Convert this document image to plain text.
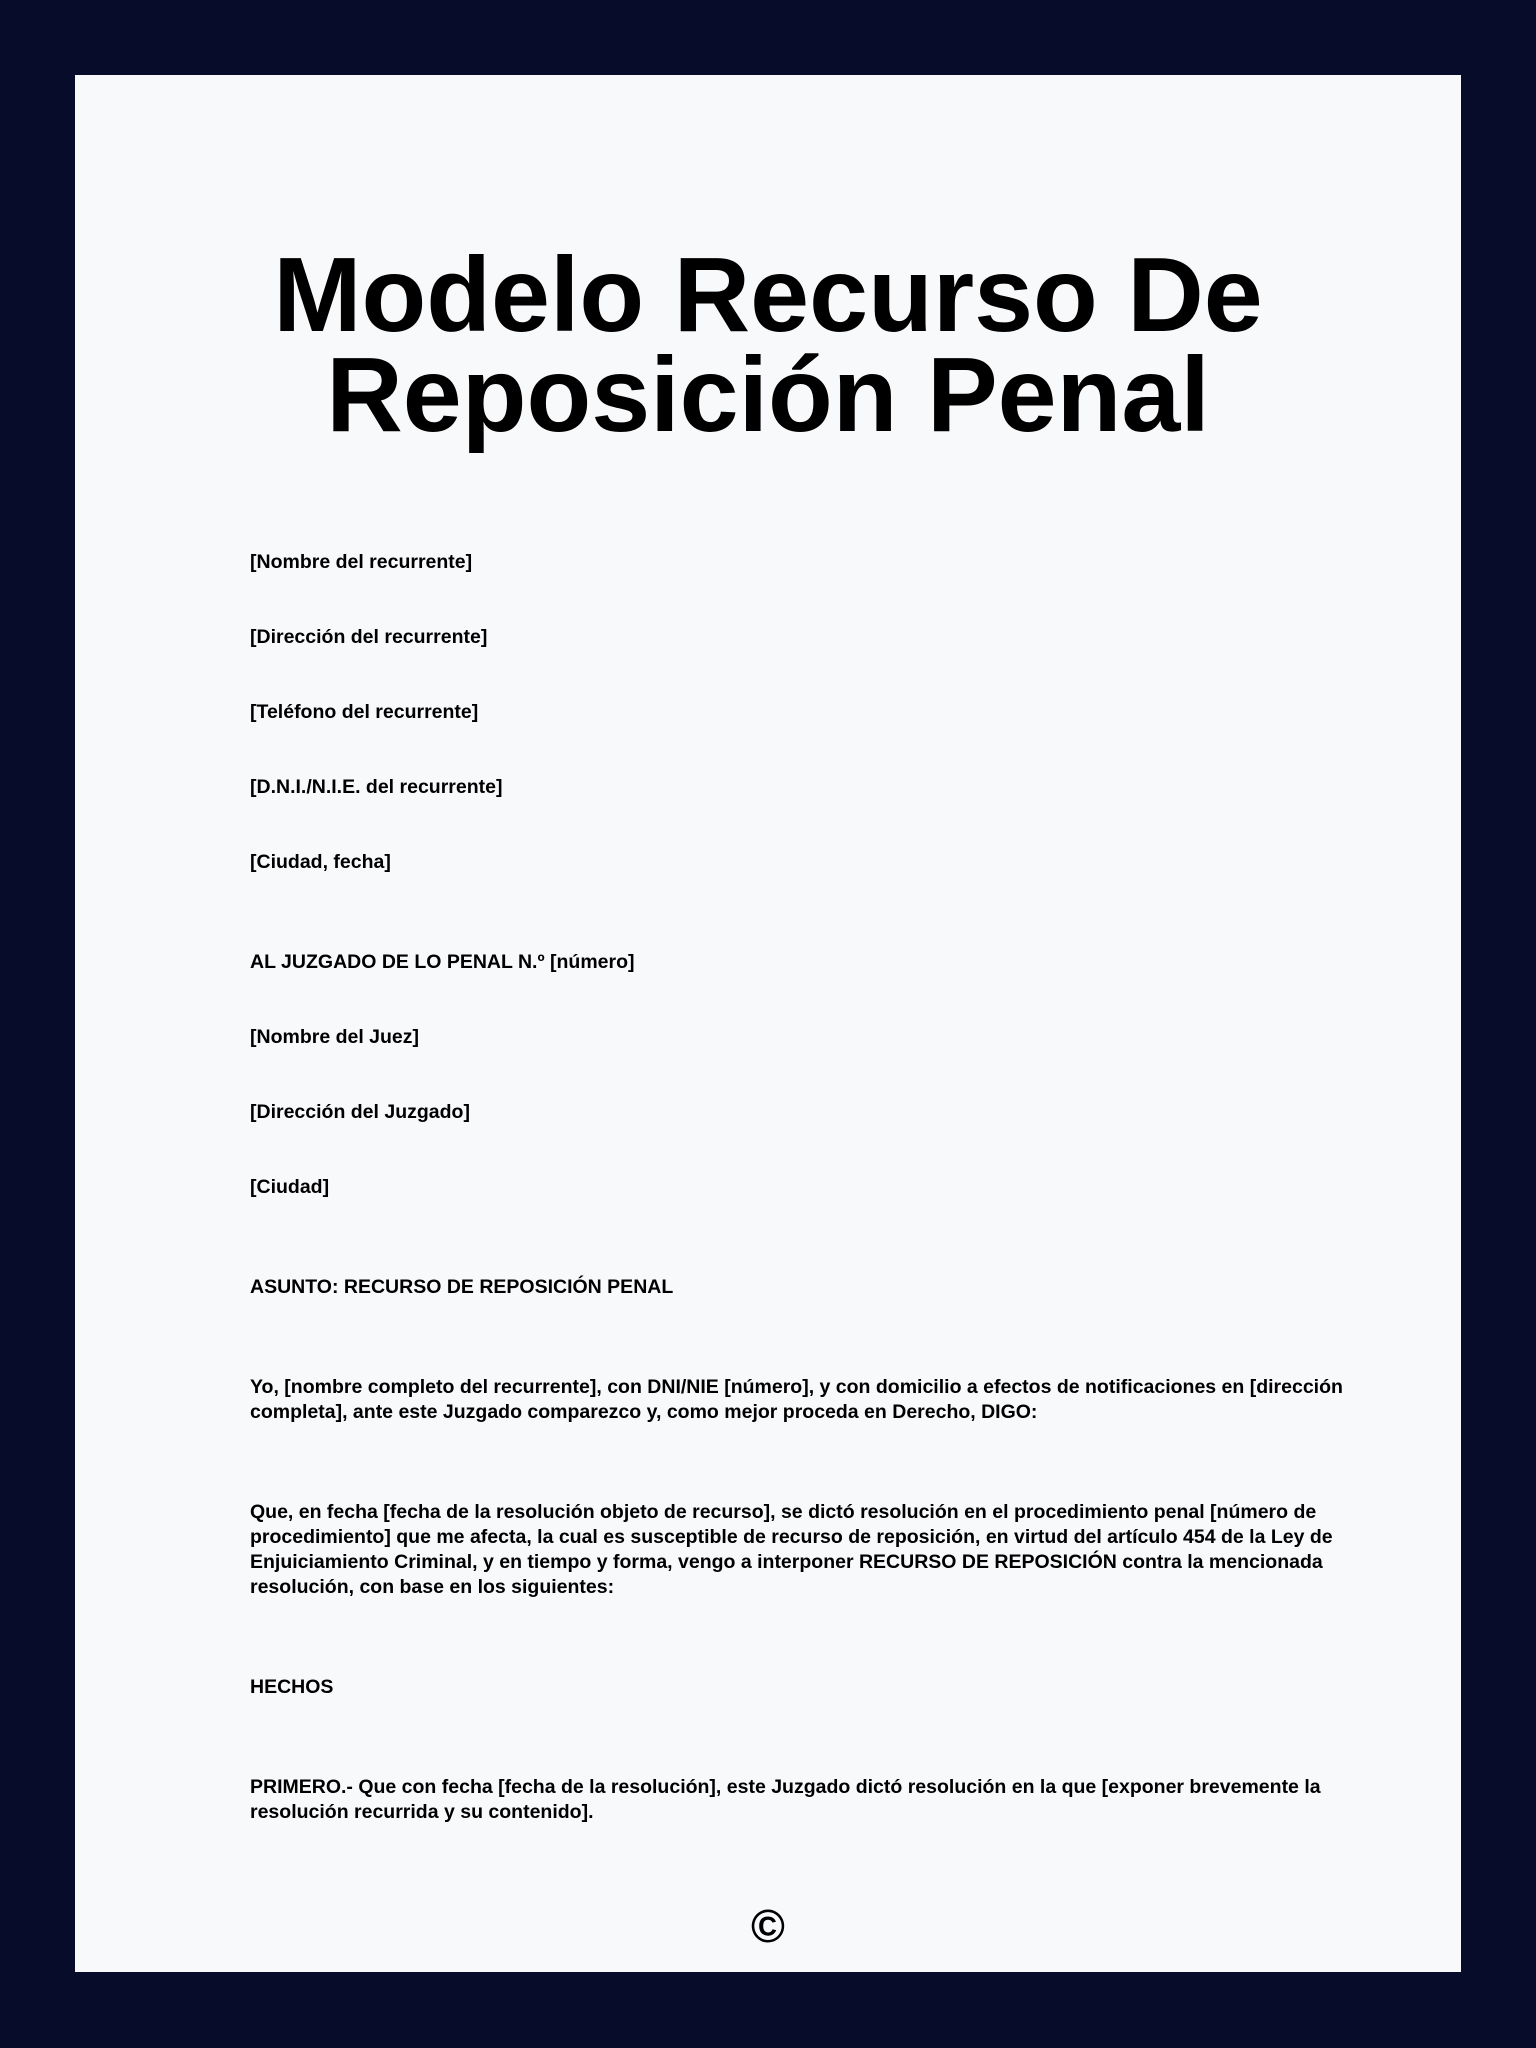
Modelo Recurso De
Reposición Penal

[Nombre del recurrente]

[Dirección del recurrente]

[Teléfono del recurrente]

[D.N.I./N.I.E. del recurrente]

[Ciudad, fecha]

AL JUZGADO DE LO PENAL N.º [número]

[Nombre del Juez]

[Dirección del Juzgado]

[Ciudad]

ASUNTO: RECURSO DE REPOSICIÓN PENAL

Yo, [nombre completo del recurrente], con DNI/NIE [número], y con domicilio a efectos de notificaciones en [dirección completa], ante este Juzgado comparezco y, como mejor proceda en Derecho, DIGO:

Que, en fecha [fecha de la resolución objeto de recurso], se dictó resolución en el procedimiento penal [número de procedimiento] que me afecta, la cual es susceptible de recurso de reposición, en virtud del artículo 454 de la Ley de Enjuiciamiento Criminal, y en tiempo y forma, vengo a interponer RECURSO DE REPOSICIÓN contra la mencionada resolución, con base en los siguientes:

HECHOS

PRIMERO.- Que con fecha [fecha de la resolución], este Juzgado dictó resolución en la que [exponer brevemente la resolución recurrida y su contenido].

©
